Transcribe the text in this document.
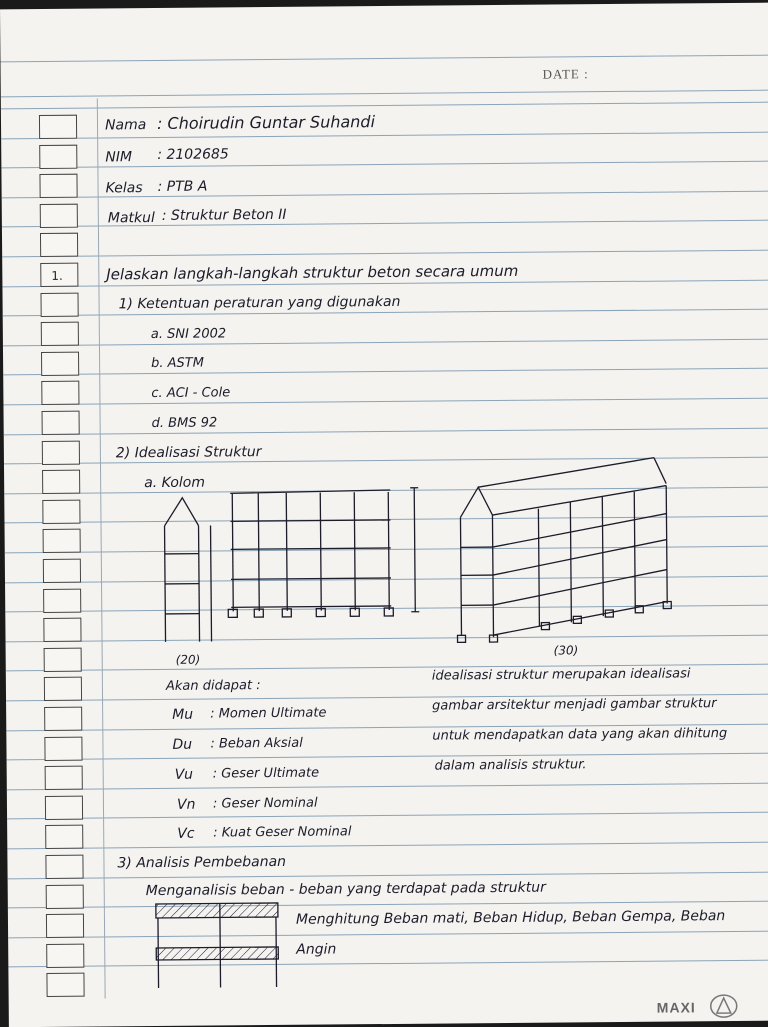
1.
DATE :
Nama : Choirudin Guntar Suhandi
NIM : 2102685
Kelas : PTB A
Matkul : Struktur Beton II
Jelaskan langkah-langkah struktur beton secara umum
1) Ketentuan peraturan yang digunakan
a. SNI 2002
b. ASTM
c. ACI - Cole
d. BMS 92
2) Idealisasi Struktur
a. Kolom
(20)
(30)
Akan didapat :
Mu : Momen Ultimate
Du : Beban Aksial
Vu : Geser Ultimate
Vn : Geser Nominal
Vc : Kuat Geser Nominal
idealisasi struktur merupakan idealisasi
gambar arsitektur menjadi gambar struktur
untuk mendapatkan data yang akan dihitung
dalam analisis struktur.
3) Analisis Pembebanan
Menganalisis beban - beban yang terdapat pada struktur
Menghitung Beban mati, Beban Hidup, Beban Gempa, Beban
Angin
MAXI
